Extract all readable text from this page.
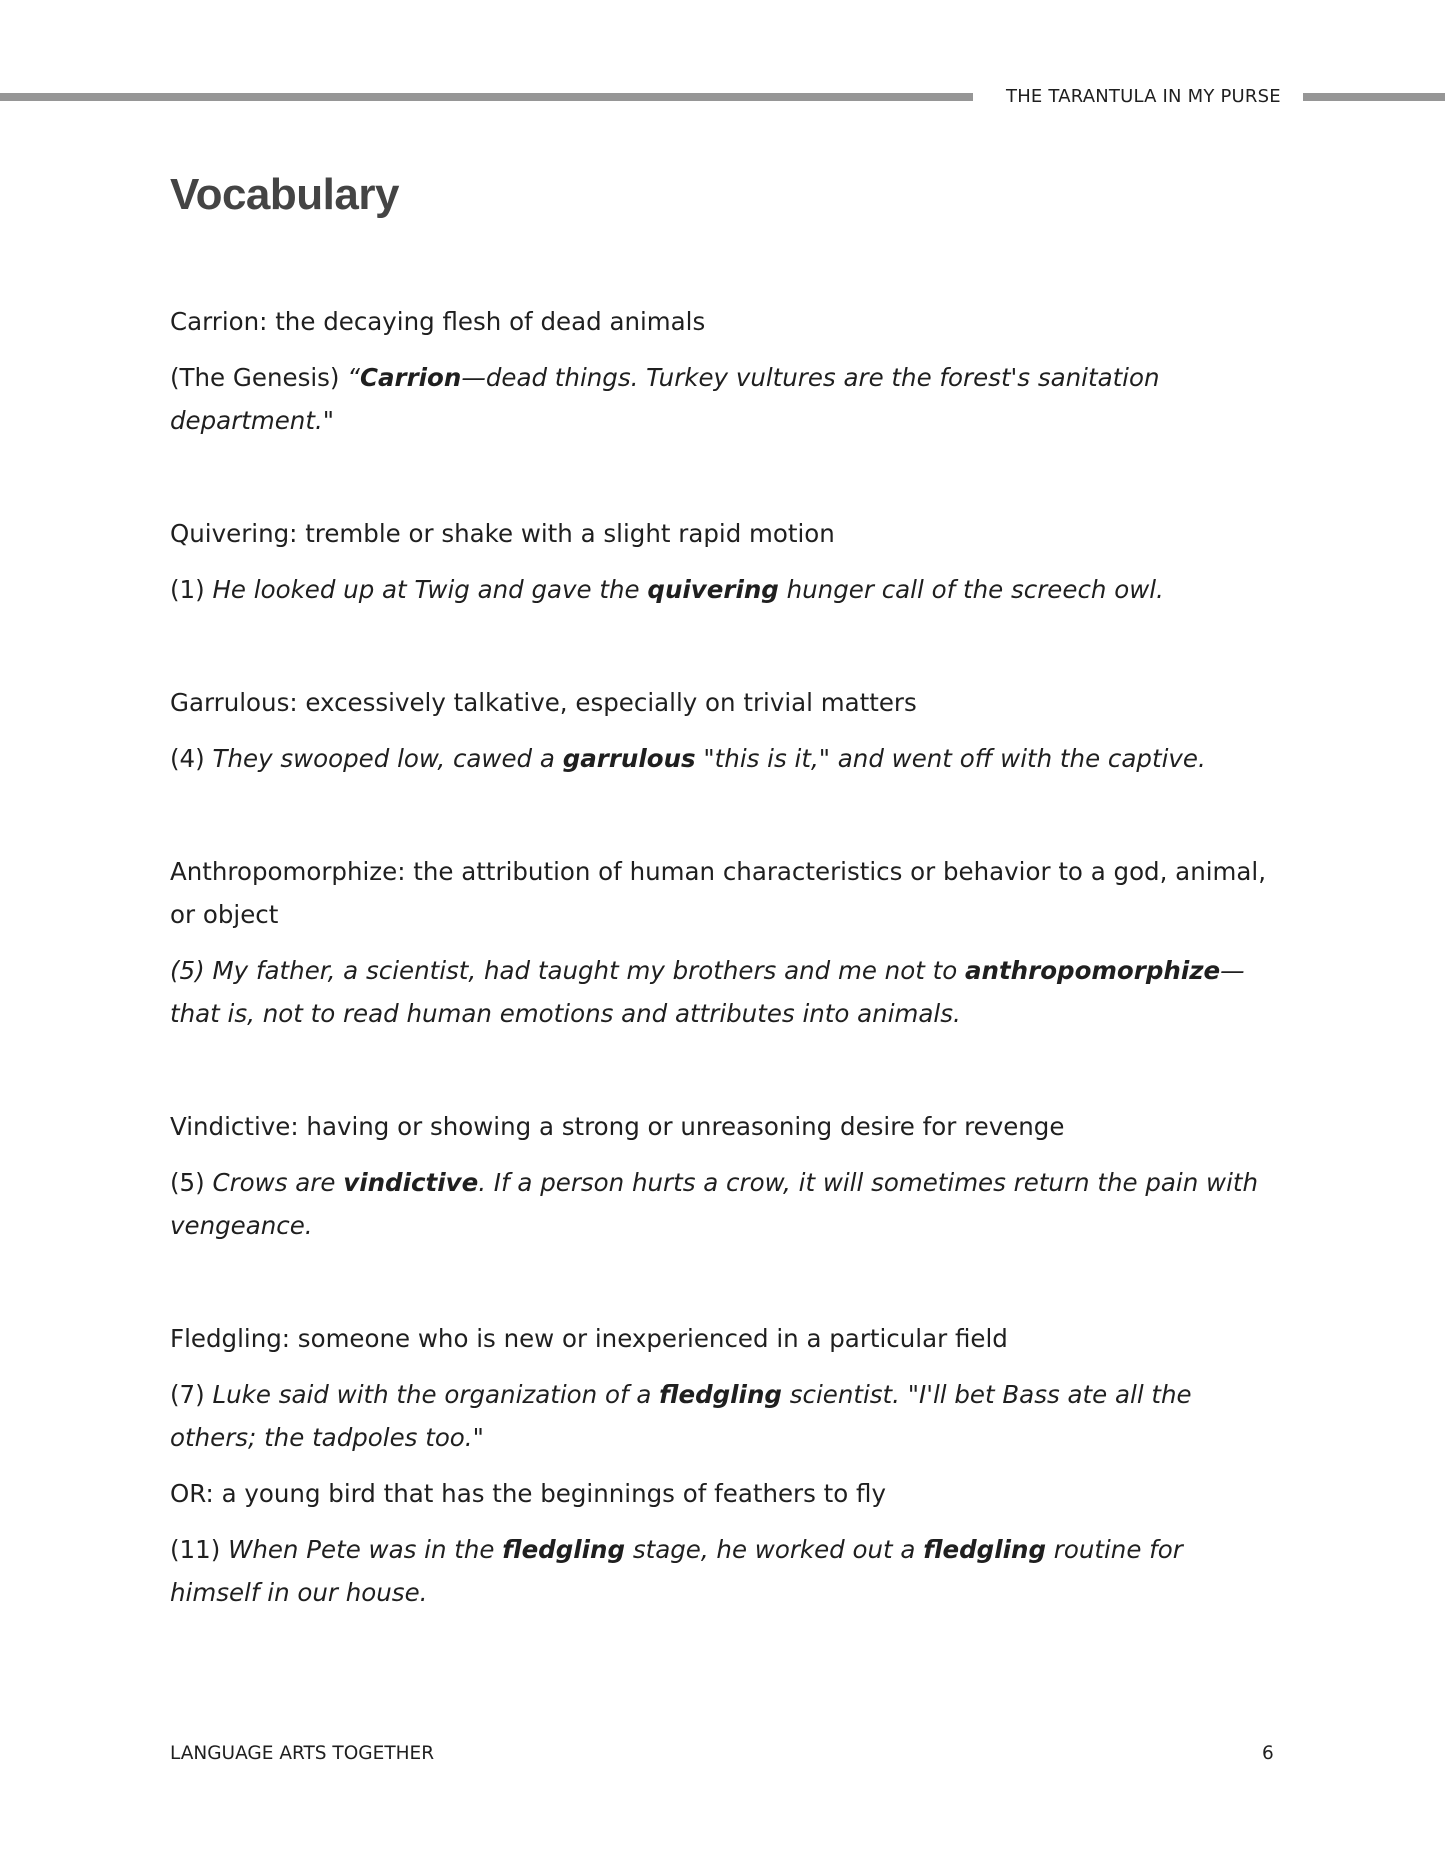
THE TARANTULA IN MY PURSE
Vocabulary

Carrion: the decaying flesh of dead animals

(The Genesis) “Carrion—dead things. Turkey vultures are the forest's sanitation department."

Quivering: tremble or shake with a slight rapid motion

(1) He looked up at Twig and gave the quivering hunger call of the screech owl.

Garrulous: excessively talkative, especially on trivial matters

(4) They swooped low, cawed a garrulous "this is it," and went off with the captive.

Anthropomorphize: the attribution of human characteristics or behavior to a god, animal, or object

(5) My father, a scientist, had taught my brothers and me not to anthropomorphize—that is, not to read human emotions and attributes into animals.

Vindictive: having or showing a strong or unreasoning desire for revenge

(5) Crows are vindictive. If a person hurts a crow, it will sometimes return the pain with vengeance.

Fledgling: someone who is new or inexperienced in a particular field

(7) Luke said with the organization of a fledgling scientist. "I'll bet Bass ate all the others; the tadpoles too."

OR: a young bird that has the beginnings of feathers to fly

(11) When Pete was in the fledgling stage, he worked out a fledgling routine for himself in our house.

LANGUAGE ARTS TOGETHER	6
